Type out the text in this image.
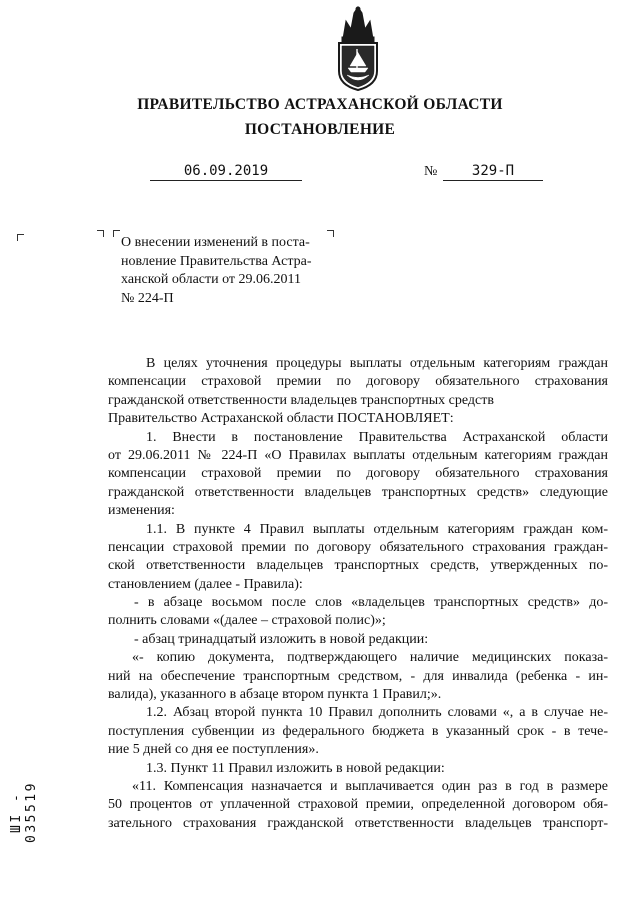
ПРАВИТЕЛЬСТВО АСТРАХАНСКОЙ ОБЛАСТИ
ПОСТАНОВЛЕНИЕ
06.09.2019	№	329-П
О внесении изменений в поста-
новление Правительства Астра-
ханской области от 29.06.2011
№ 224-П
В целях уточнения процедуры выплаты отдельным категориям граждан
компенсации страховой премии по договору обязательного страхования
гражданской ответственности владельцев транспортных средств
Правительство Астраханской области ПОСТАНОВЛЯЕТ:
1. Внести в постановление Правительства Астраханской области
от 29.06.2011 № 224-П «О Правилах выплаты отдельным категориям граждан
компенсации страховой премии по договору обязательного страхования
гражданской ответственности владельцев транспортных средств» следующие
изменения:
1.1. В пункте 4 Правил выплаты отдельным категориям граждан ком-
пенсации страховой премии по договору обязательного страхования граждан-
ской ответственности владельцев транспортных средств, утвержденных по-
становлением (далее - Правила):
- в абзаце восьмом после слов «владельцев транспортных средств» до-
полнить словами «(далее – страховой полис)»;
- абзац тринадцатый изложить в новой редакции:
«- копию документа, подтверждающего наличие медицинских показа-
ний на обеспечение транспортным средством, - для инвалида (ребенка - ин-
валида), указанного в абзаце втором пункта 1 Правил;».
1.2. Абзац второй пункта 10 Правил дополнить словами «, а в случае не-
поступления субвенции из федерального бюджета в указанный срок - в тече-
ние 5 дней со дня ее поступления».
1.3. Пункт 11 Правил изложить в новой редакции:
«11. Компенсация назначается и выплачивается один раз в год в размере
50 процентов от уплаченной страховой премии, определенной договором обя-
зательного страхования гражданской ответственности владельцев транспорт-
ШI - 035519
